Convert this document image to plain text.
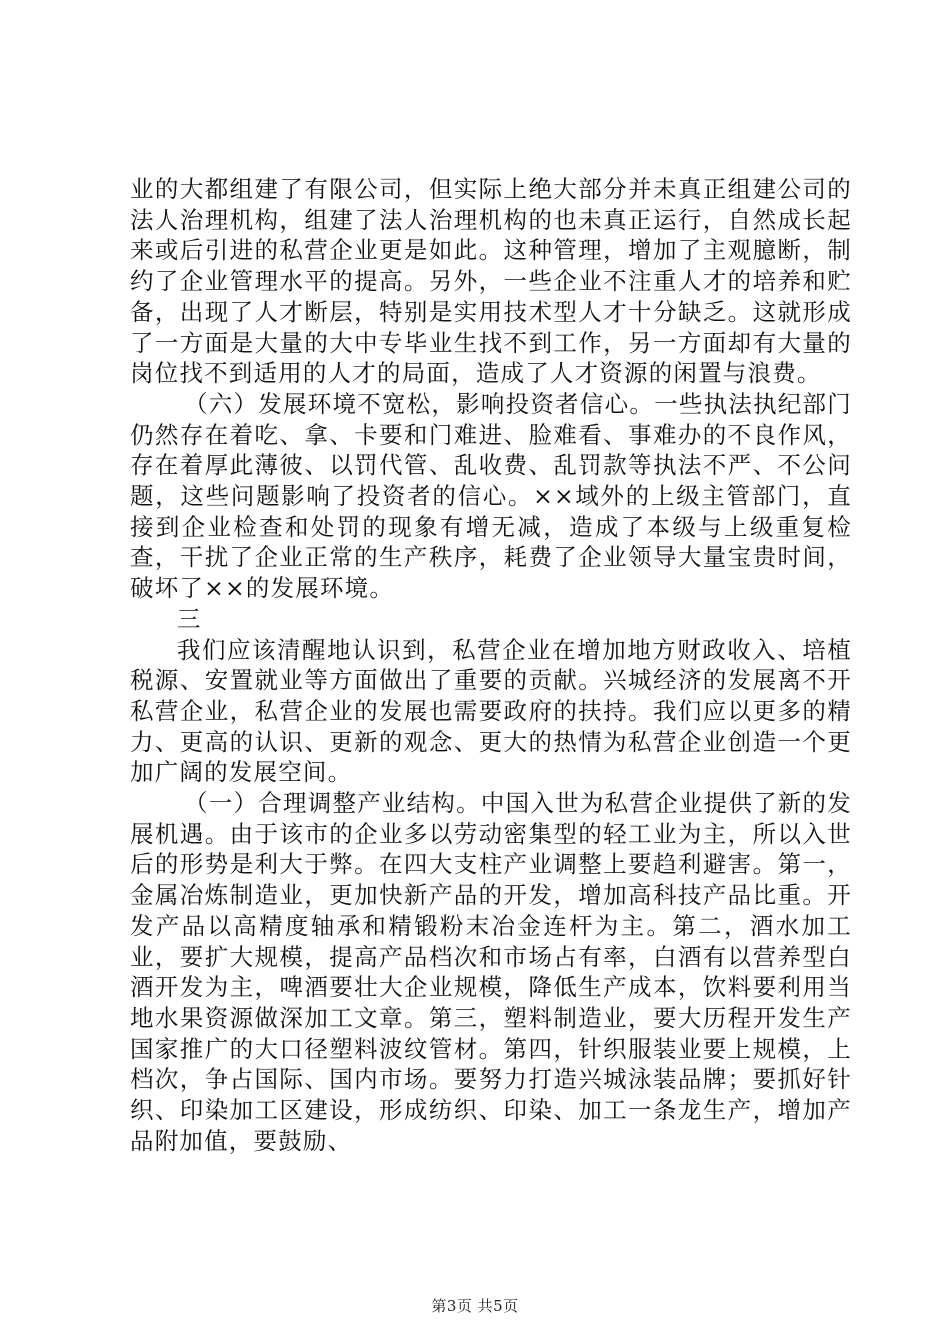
业的大都组建了有限公司，但实际上绝大部分并未真正组建公司的法人治理机构，组建了法人治理机构的也未真正运行，自然成长起来或后引进的私营企业更是如此。这种管理，增加了主观臆断，制约了企业管理水平的提高。另外，一些企业不注重人才的培养和贮备，出现了人才断层，特别是实用技术型人才十分缺乏。这就形成了一方面是大量的大中专毕业生找不到工作，另一方面却有大量的岗位找不到适用的人才的局面，造成了人才资源的闲置与浪费。

（六）发展环境不宽松，影响投资者信心。一些执法执纪部门仍然存在着吃、拿、卡要和门难进、脸难看、事难办的不良作风，存在着厚此薄彼、以罚代管、乱收费、乱罚款等执法不严、不公问题，这些问题影响了投资者的信心。××域外的上级主管部门，直接到企业检查和处罚的现象有增无减，造成了本级与上级重复检查，干扰了企业正常的生产秩序，耗费了企业领导大量宝贵时间，破坏了××的发展环境。

三

我们应该清醒地认识到，私营企业在增加地方财政收入、培植税源、安置就业等方面做出了重要的贡献。兴城经济的发展离不开私营企业，私营企业的发展也需要政府的扶持。我们应以更多的精力、更高的认识、更新的观念、更大的热情为私营企业创造一个更加广阔的发展空间。

（一）合理调整产业结构。中国入世为私营企业提供了新的发展机遇。由于该市的企业多以劳动密集型的轻工业为主，所以入世后的形势是利大于弊。在四大支柱产业调整上要趋利避害。第一，金属冶炼制造业，更加快新产品的开发，增加高科技产品比重。开发产品以高精度轴承和精锻粉末冶金连杆为主。第二，酒水加工业，要扩大规模，提高产品档次和市场占有率，白酒有以营养型白酒开发为主，啤酒要壮大企业规模，降低生产成本，饮料要利用当地水果资源做深加工文章。第三，塑料制造业，要大历程开发生产国家推广的大口径塑料波纹管材。第四，针织服装业要上规模，上档次，争占国际、国内市场。要努力打造兴城泳装品牌；要抓好针织、印染加工区建设，形成纺织、印染、加工一条龙生产，增加产品附加值，要鼓励、

第3页 共5页
